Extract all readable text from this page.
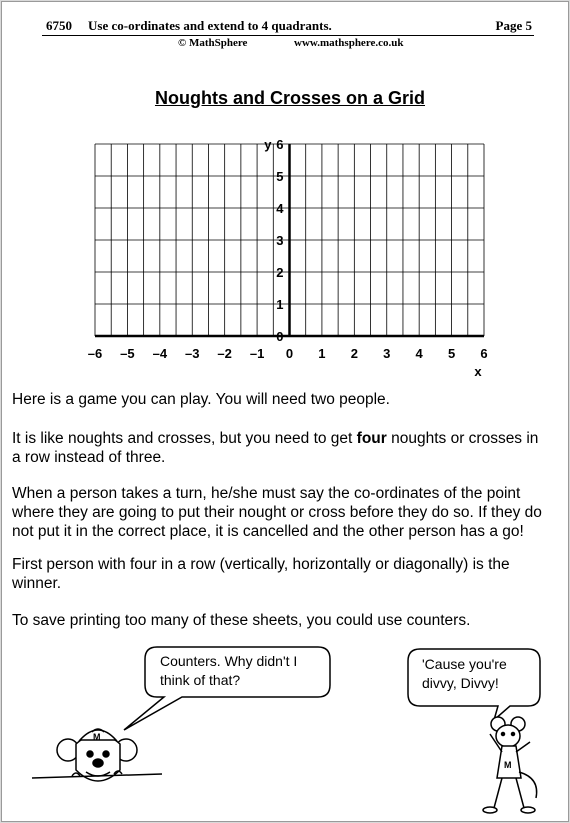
6750 Use co-ordinates and extend to 4 quadrants.	Page 5
© MathSphere	www.mathsphere.co.uk
Noughts and Crosses on a Grid
–6 –5 –4 –3 –2 –1 0 1 2 3 4 5 6
0
1
2
3
4
5
6
x
y

Here is a game you can play. You will need two people.

It is like noughts and crosses, but you need to get four noughts or crosses in a row instead of three.

When a person takes a turn, he/she must say the co-ordinates of the point where they are going to put their nought or cross before they do so. If they do not put it in the correct place, it is cancelled and the other person has a go!

First person with four in a row (vertically, horizontally or diagonally) is the winner.

To save printing too many of these sheets, you could use counters.

M
M
Counters. Why didn't I think of that?
'Cause you're divvy, Divvy!
